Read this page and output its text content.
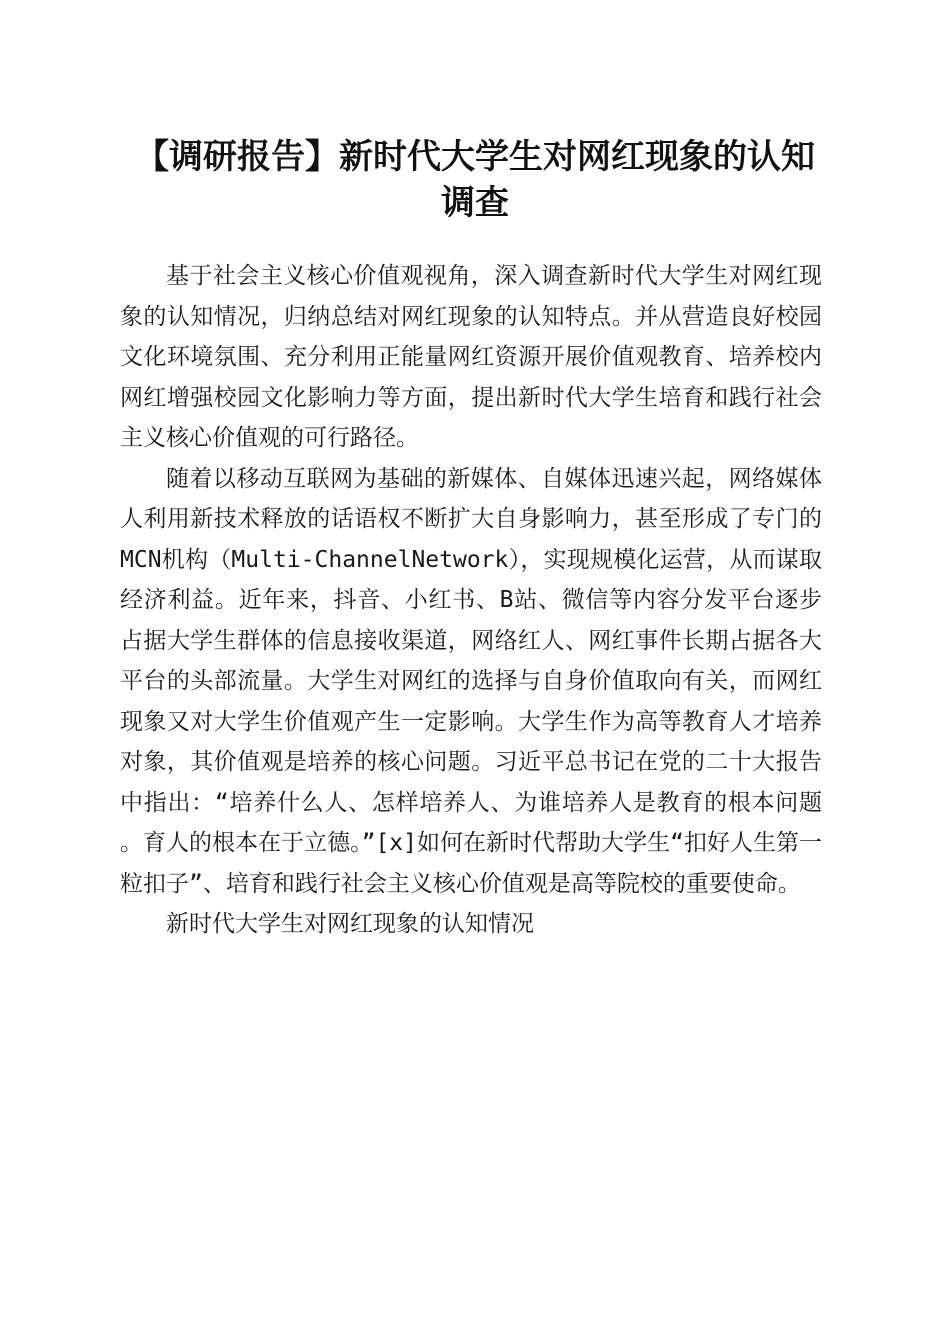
【调研报告】新时代大学生对网红现象的认知调查

基于社会主义核心价值观视角，深入调查新时代大学生对网红现象的认知情况，归纳总结对网红现象的认知特点。并从营造良好校园文化环境氛围、充分利用正能量网红资源开展价值观教育、培养校内网红增强校园文化影响力等方面，提出新时代大学生培育和践行社会主义核心价值观的可行路径。

随着以移动互联网为基础的新媒体、自媒体迅速兴起，网络媒体人利用新技术释放的话语权不断扩大自身影响力，甚至形成了专门的MCN机构（Multi-ChannelNetwork），实现规模化运营，从而谋取经济利益。近年来，抖音、小红书、B站、微信等内容分发平台逐步占据大学生群体的信息接收渠道，网络红人、网红事件长期占据各大平台的头部流量。大学生对网红的选择与自身价值取向有关，而网红现象又对大学生价值观产生一定影响。大学生作为高等教育人才培养对象，其价值观是培养的核心问题。习近平总书记在党的二十大报告中指出：“培养什么人、怎样培养人、为谁培养人是教育的根本问题。育人的根本在于立德。”[x]如何在新时代帮助大学生“扣好人生第一粒扣子”、培育和践行社会主义核心价值观是高等院校的重要使命。

新时代大学生对网红现象的认知情况
